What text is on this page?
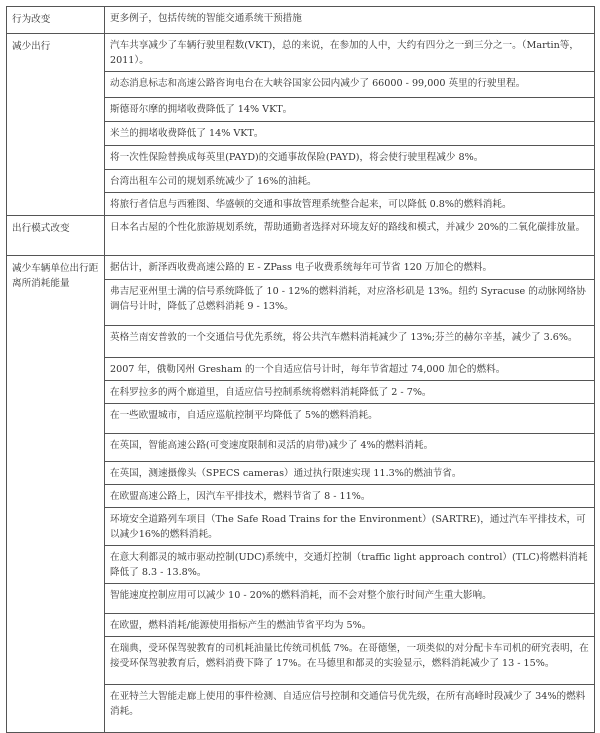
行为改变	更多例子，包括传统的智能交通系统干预措施

减少出行	汽车共享减少了车辆行驶里程数(VKT)，总的来说，在参加的人中，大约有四分之一到三分之一。（Martin等，2011）。
	动态消息标志和高速公路咨询电台在大峡谷国家公园内减少了 66000 - 99,000 英里的行驶里程。
	斯德哥尔摩的拥堵收费降低了 14% VKT。
	米兰的拥堵收费降低了 14% VKT。
	将一次性保险替换成每英里(PAYD)的交通事故保险(PAYD)，将会使行驶里程减少 8%。
	台湾出租车公司的规划系统减少了 16%的油耗。
	将旅行者信息与西雅图、华盛顿的交通和事故管理系统整合起来，可以降低 0.8%的燃料消耗。

出行模式改变	日本名古屋的个性化旅游规划系统，帮助通勤者选择对环境友好的路线和模式，并减少 20%的二氧化碳排放量。

减少车辆单位出行距离所消耗能量	据估计，新泽西收费高速公路的 E - ZPass 电子收费系统每年可节省 120 万加仑的燃料。
	弗吉尼亚州里士满的信号系统降低了 10 - 12%的燃料消耗，对应洛杉矶是 13%。纽约 Syracuse 的动脉网络协调信号计时，降低了总燃料消耗 9 - 13%。
	英格兰南安普敦的一个交通信号优先系统，将公共汽车燃料消耗减少了 13%;芬兰的赫尔辛基，减少了 3.6%。
	2007 年，俄勒冈州 Gresham 的一个自适应信号计时，每年节省超过 74,000 加仑的燃料。
	在科罗拉多的两个廊道里，自适应信号控制系统将燃料消耗降低了 2 - 7%。
	在一些欧盟城市，自适应巡航控制平均降低了 5%的燃料消耗。
	在英国，智能高速公路(可变速度限制和灵活的肩带)减少了 4%的燃料消耗。
	在英国，测速摄像头（SPECS cameras）通过执行限速实现 11.3%的燃油节省。
	在欧盟高速公路上，因汽车平排技术，燃料节省了 8 - 11%。
	环境安全道路列车项目（The Safe Road Trains for the Environment）(SARTRE)，通过汽车平排技术，可以减少16%的燃料消耗。
	在意大利都灵的城市驱动控制(UDC)系统中，交通灯控制（traffic light approach control）(TLC)将燃料消耗降低了 8.3 - 13.8%。
	智能速度控制应用可以减少 10 - 20%的燃料消耗，而不会对整个旅行时间产生重大影响。
	在欧盟，燃料消耗/能源使用指标产生的燃油节省平均为 5%。
	在瑞典，受环保驾驶教育的司机耗油量比传统司机低 7%。在哥德堡，一项类似的对分配卡车司机的研究表明，在接受环保驾驶教育后，燃料消费下降了 17%。在马德里和都灵的实验显示，燃料消耗减少了 13 - 15%。
	在亚特兰大智能走廊上使用的事件检测、自适应信号控制和交通信号优先级，在所有高峰时段减少了 34%的燃料消耗。
